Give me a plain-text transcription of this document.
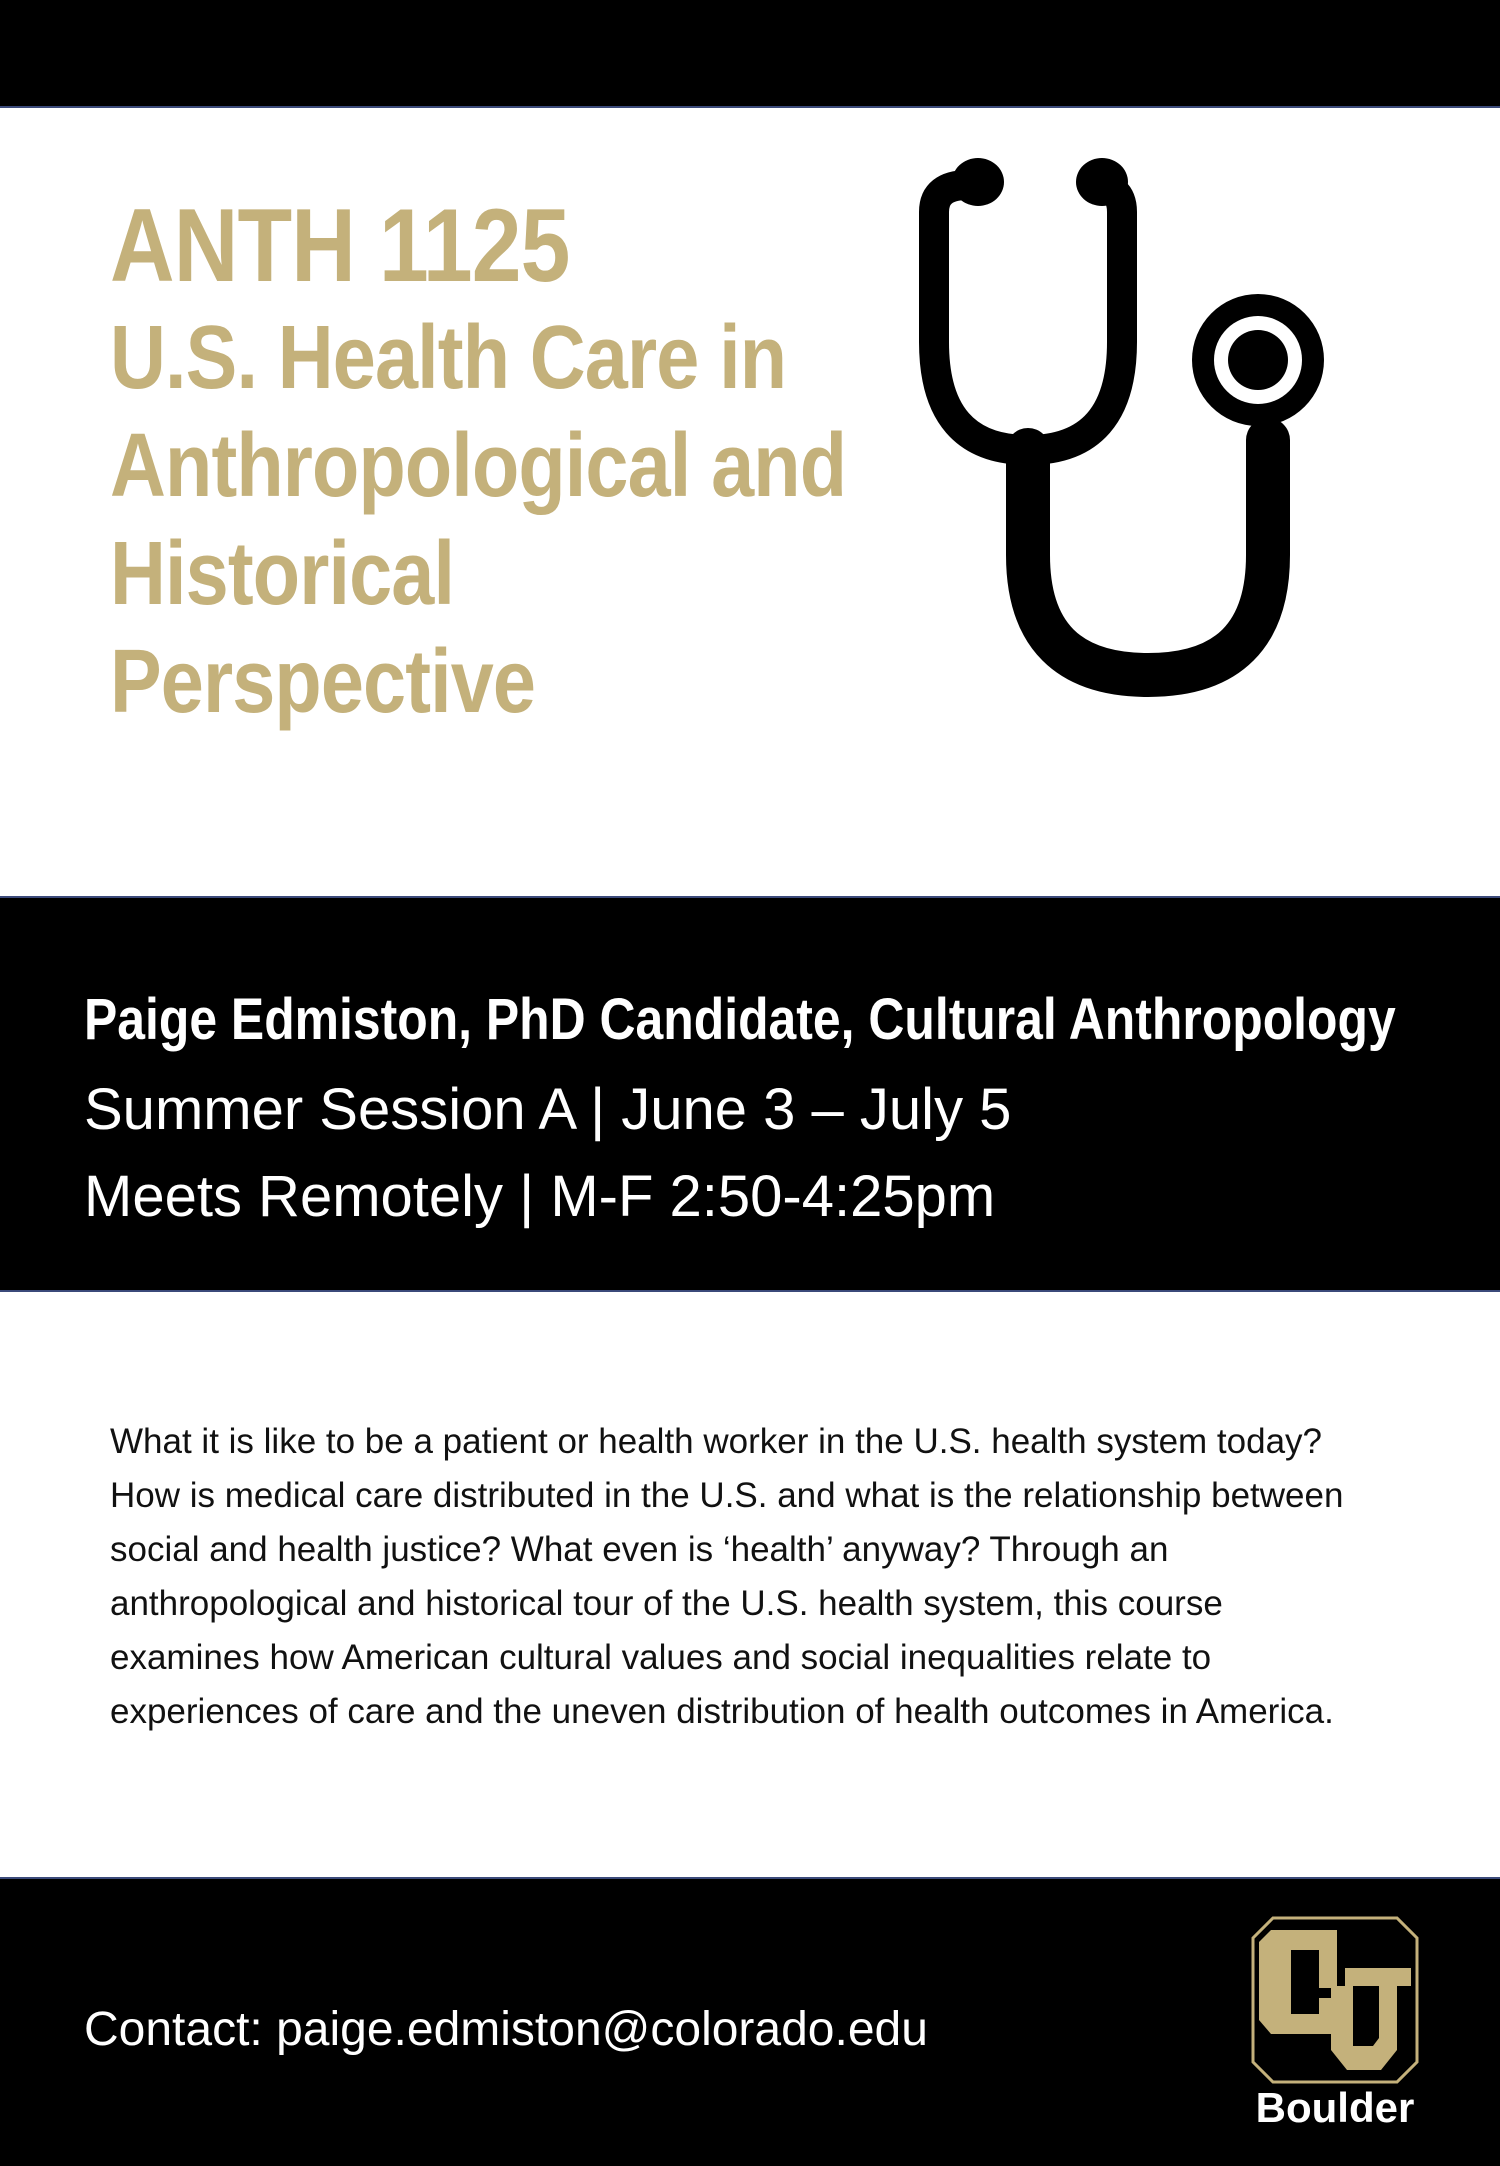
ANTH 1125
U.S. Health Care in Anthropological and Historical Perspective
Paige Edmiston, PhD Candidate, Cultural Anthropology
Summer Session A | June 3 – July 5
Meets Remotely | M-F 2:50-4:25pm

What it is like to be a patient or health worker in the U.S. health system today? How is medical care distributed in the U.S. and what is the relationship between social and health justice? What even is ‘health’ anyway? Through an anthropological and historical tour of the U.S. health system, this course examines how American cultural values and social inequalities relate to experiences of care and the uneven distribution of health outcomes in America.

Contact: paige.edmiston@colorado.edu
Boulder
